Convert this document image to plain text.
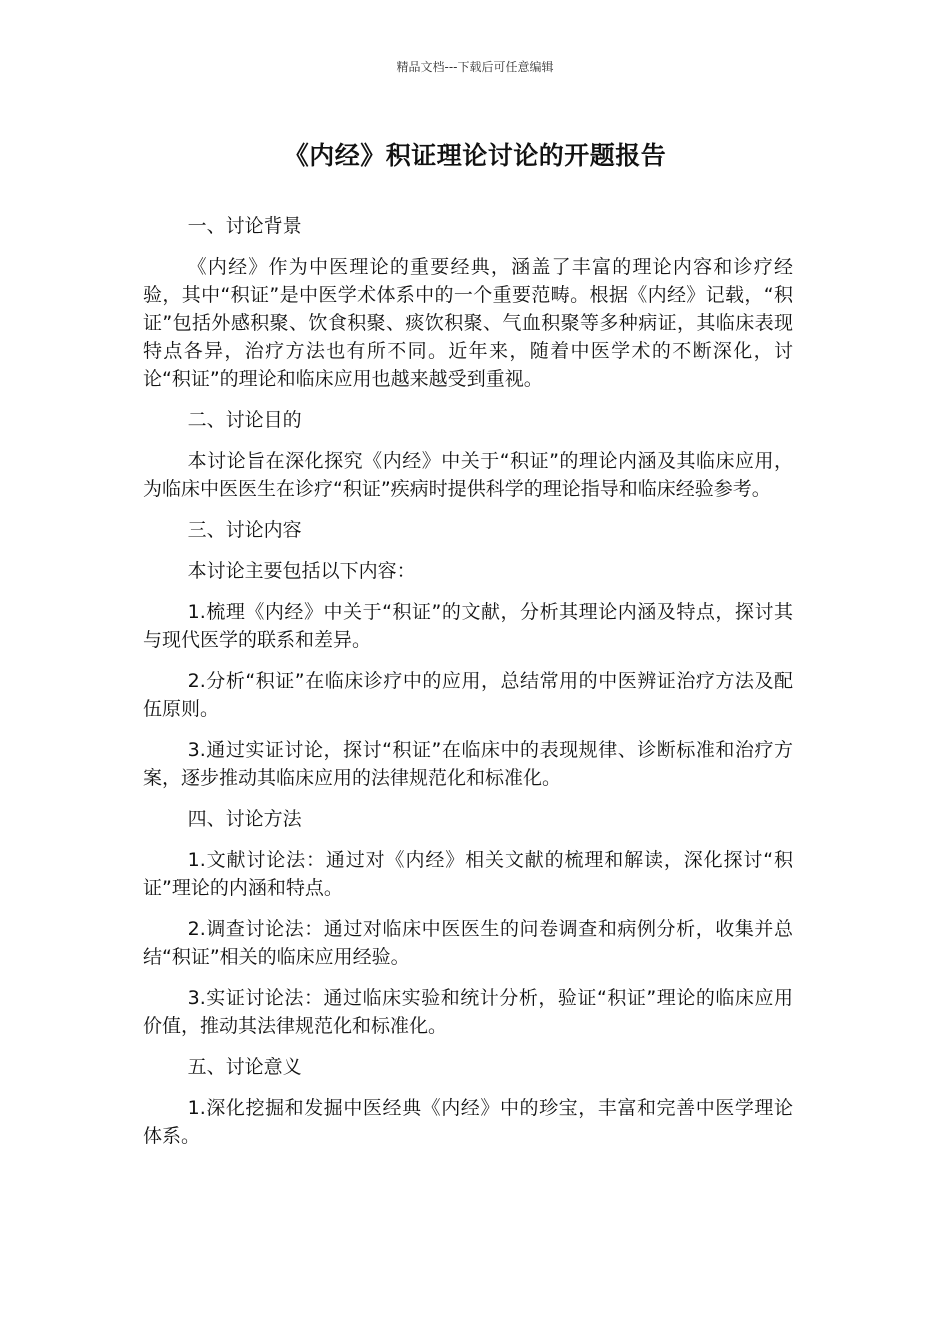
精品文档---下载后可任意编辑
《内经》积证理论讨论的开题报告

一、讨论背景

《内经》作为中医理论的重要经典，涵盖了丰富的理论内容和诊疗经验，其中“积证”是中医学术体系中的一个重要范畴。根据《内经》记载，“积证”包括外感积聚、饮食积聚、痰饮积聚、气血积聚等多种病证，其临床表现特点各异，治疗方法也有所不同。近年来，随着中医学术的不断深化，讨论“积证”的理论和临床应用也越来越受到重视。

二、讨论目的

本讨论旨在深化探究《内经》中关于“积证”的理论内涵及其临床应用，为临床中医医生在诊疗“积证”疾病时提供科学的理论指导和临床经验参考。

三、讨论内容

本讨论主要包括以下内容：

1.梳理《内经》中关于“积证”的文献，分析其理论内涵及特点，探讨其与现代医学的联系和差异。

2.分析“积证”在临床诊疗中的应用，总结常用的中医辨证治疗方法及配伍原则。

3.通过实证讨论，探讨“积证”在临床中的表现规律、诊断标准和治疗方案，逐步推动其临床应用的法律规范化和标准化。

四、讨论方法

1.文献讨论法：通过对《内经》相关文献的梳理和解读，深化探讨“积证”理论的内涵和特点。

2.调查讨论法：通过对临床中医医生的问卷调查和病例分析，收集并总结“积证”相关的临床应用经验。

3.实证讨论法：通过临床实验和统计分析，验证“积证”理论的临床应用价值，推动其法律规范化和标准化。

五、讨论意义

1.深化挖掘和发掘中医经典《内经》中的珍宝，丰富和完善中医学理论体系。
